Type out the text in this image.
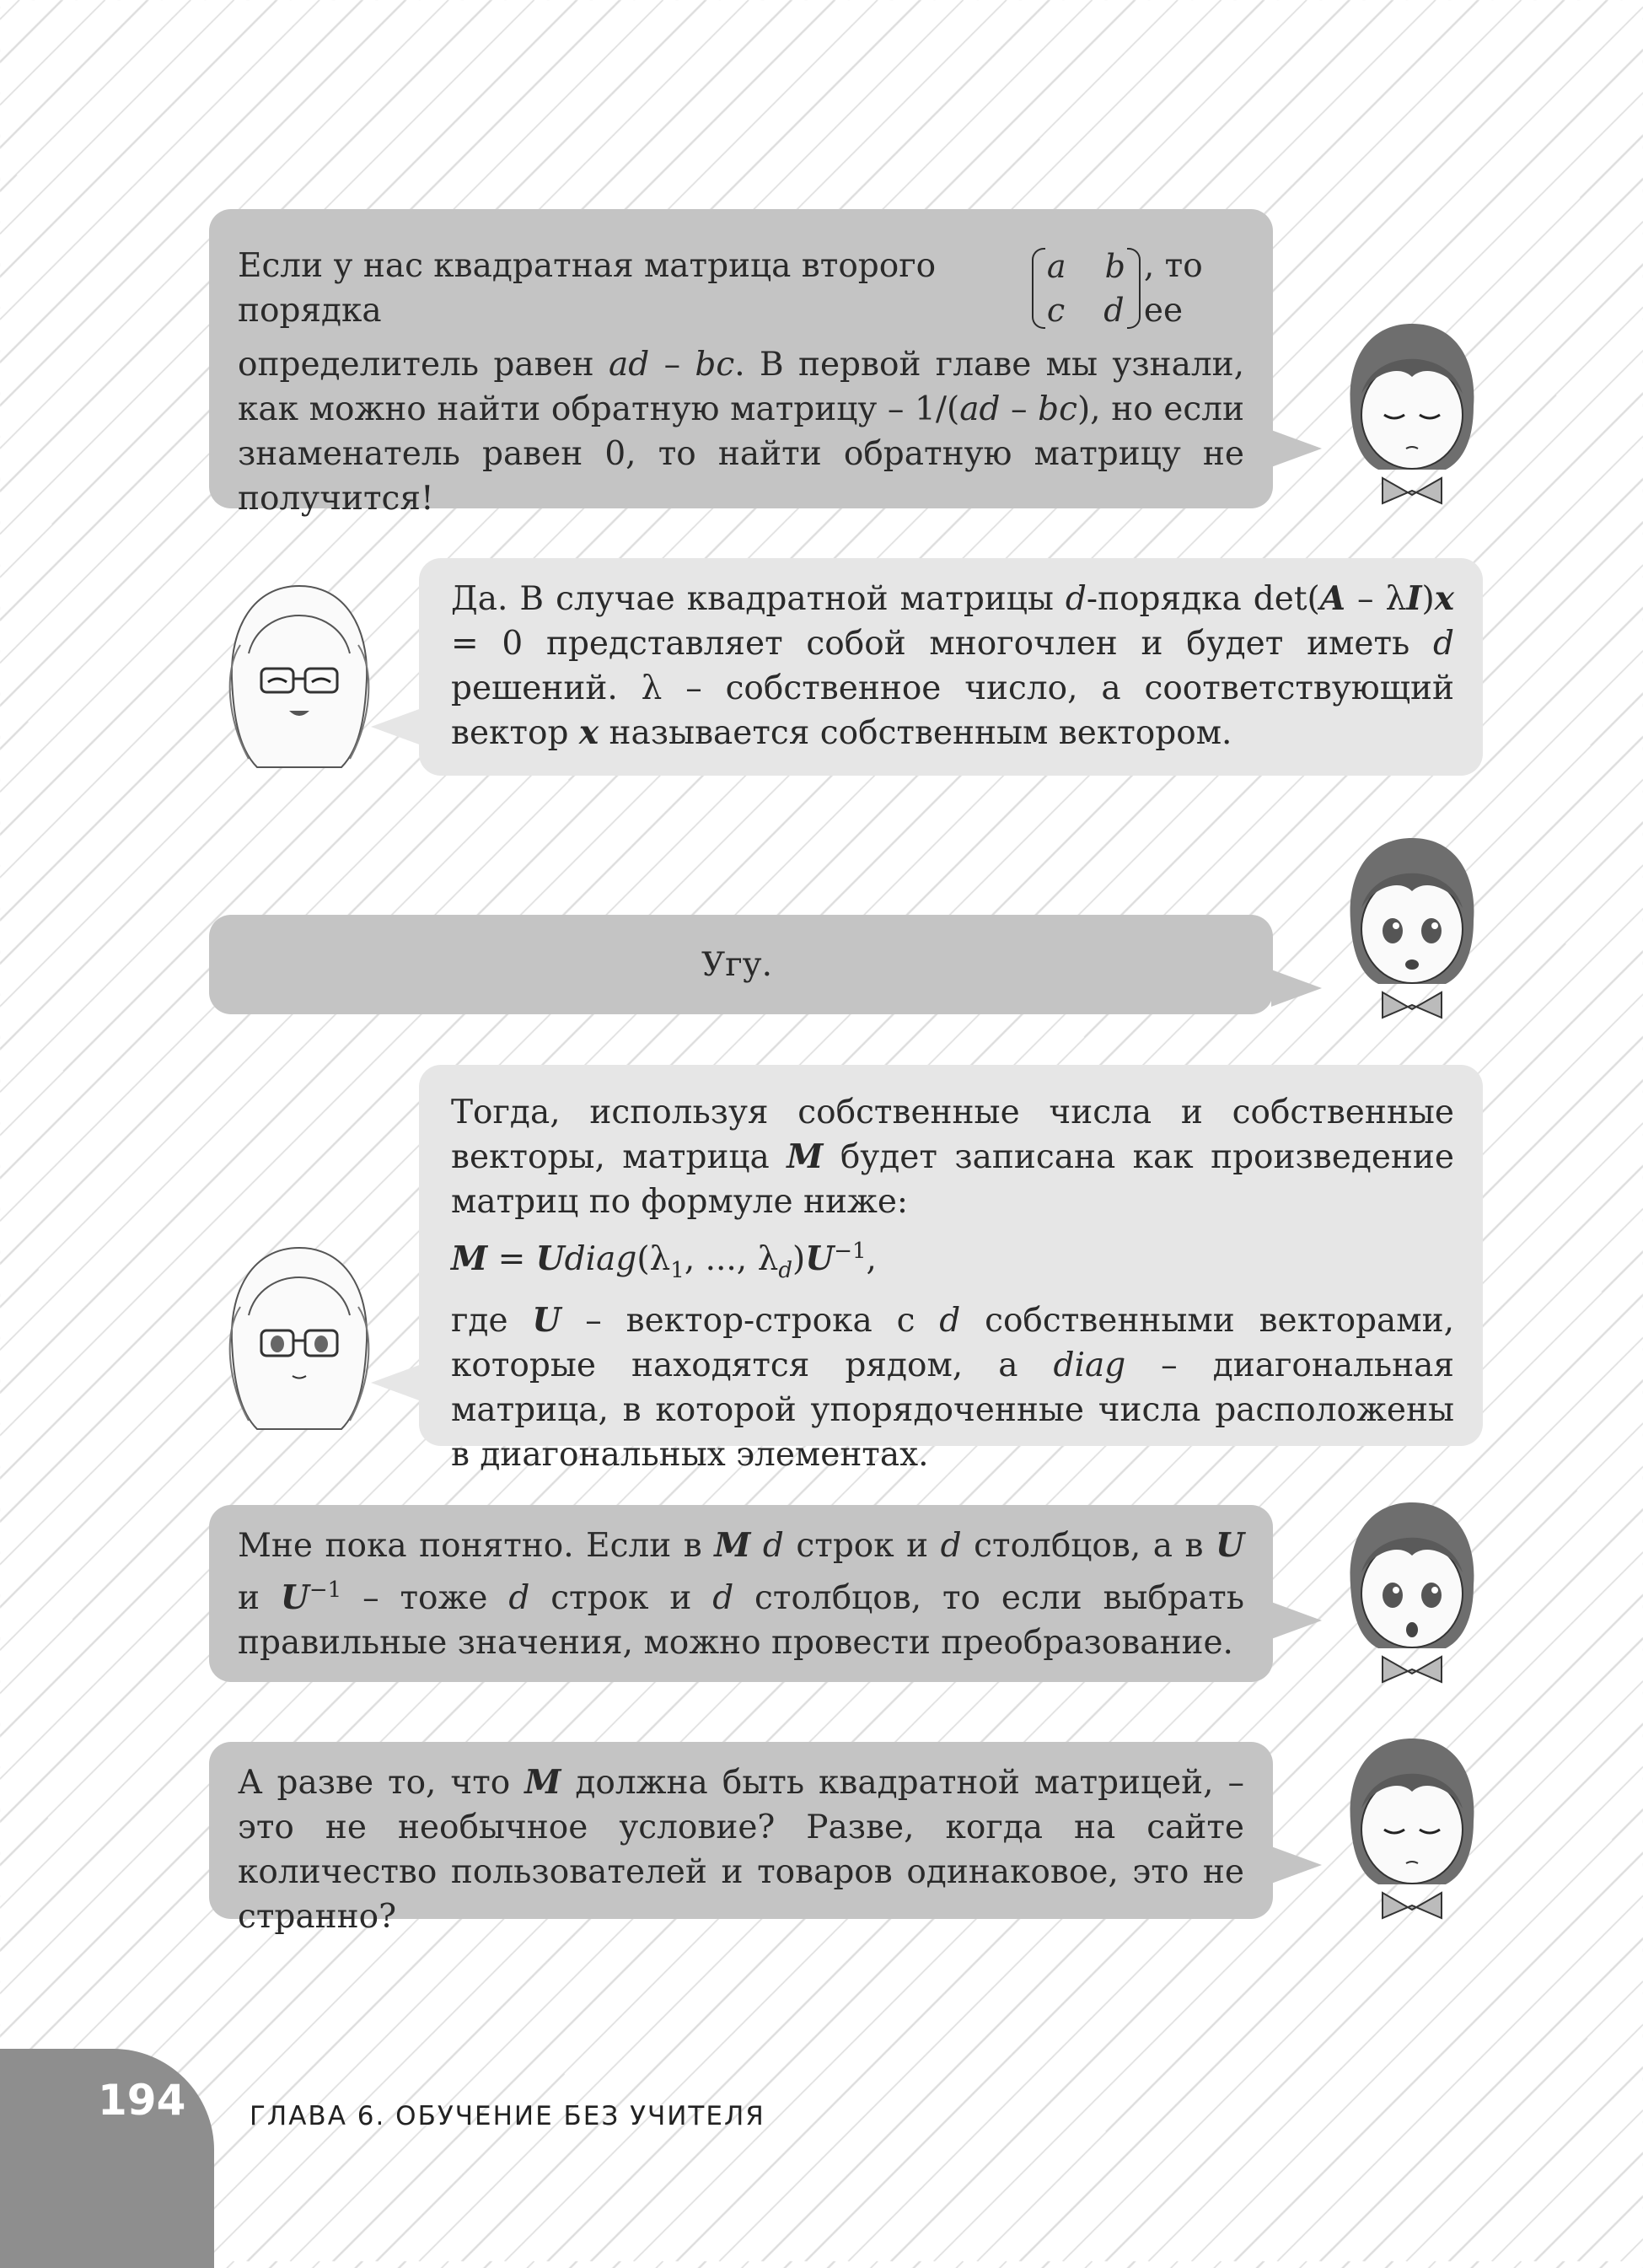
Если у нас квадратная матрица второго порядка
a b
c d
, то ее

определитель равен ad – bc. В первой главе мы узнали, как можно найти обратную матрицу – 1/(ad – bc), но если знаменатель равен 0, то найти обратную матрицу не получится!

Да. В случае квадратной матрицы d-порядка det(A – λI)x = 0 представляет собой многочлен и будет иметь d решений. λ – собственное число, а соответствующий вектор x называется собственным вектором.

Угу.

Тогда, используя собственные числа и собственные векторы, матрица M будет записана как произведение матриц по формуле ниже:

$M = Udiag(\lambda_1$, ..., $\lambda_d)U^{-1}$,

где U – вектор-строка с d собственными векторами, которые находятся рядом, а diag – диагональная матрица, в которой упорядоченные числа расположены в диагональных элементах.

Мне пока понятно. Если в M d строк и d столбцов, а в U и $U^{-1}$ – тоже d строк и d столбцов, то если выбрать правильные значения, можно провести преобразование.

А разве то, что M должна быть квадратной матрицей, – это не необычное условие? Разве, когда на сайте количество пользователей и товаров одинаковое, это не странно?

194 ГЛАВА 6. ОБУЧЕНИЕ БЕЗ УЧИТЕЛЯ
